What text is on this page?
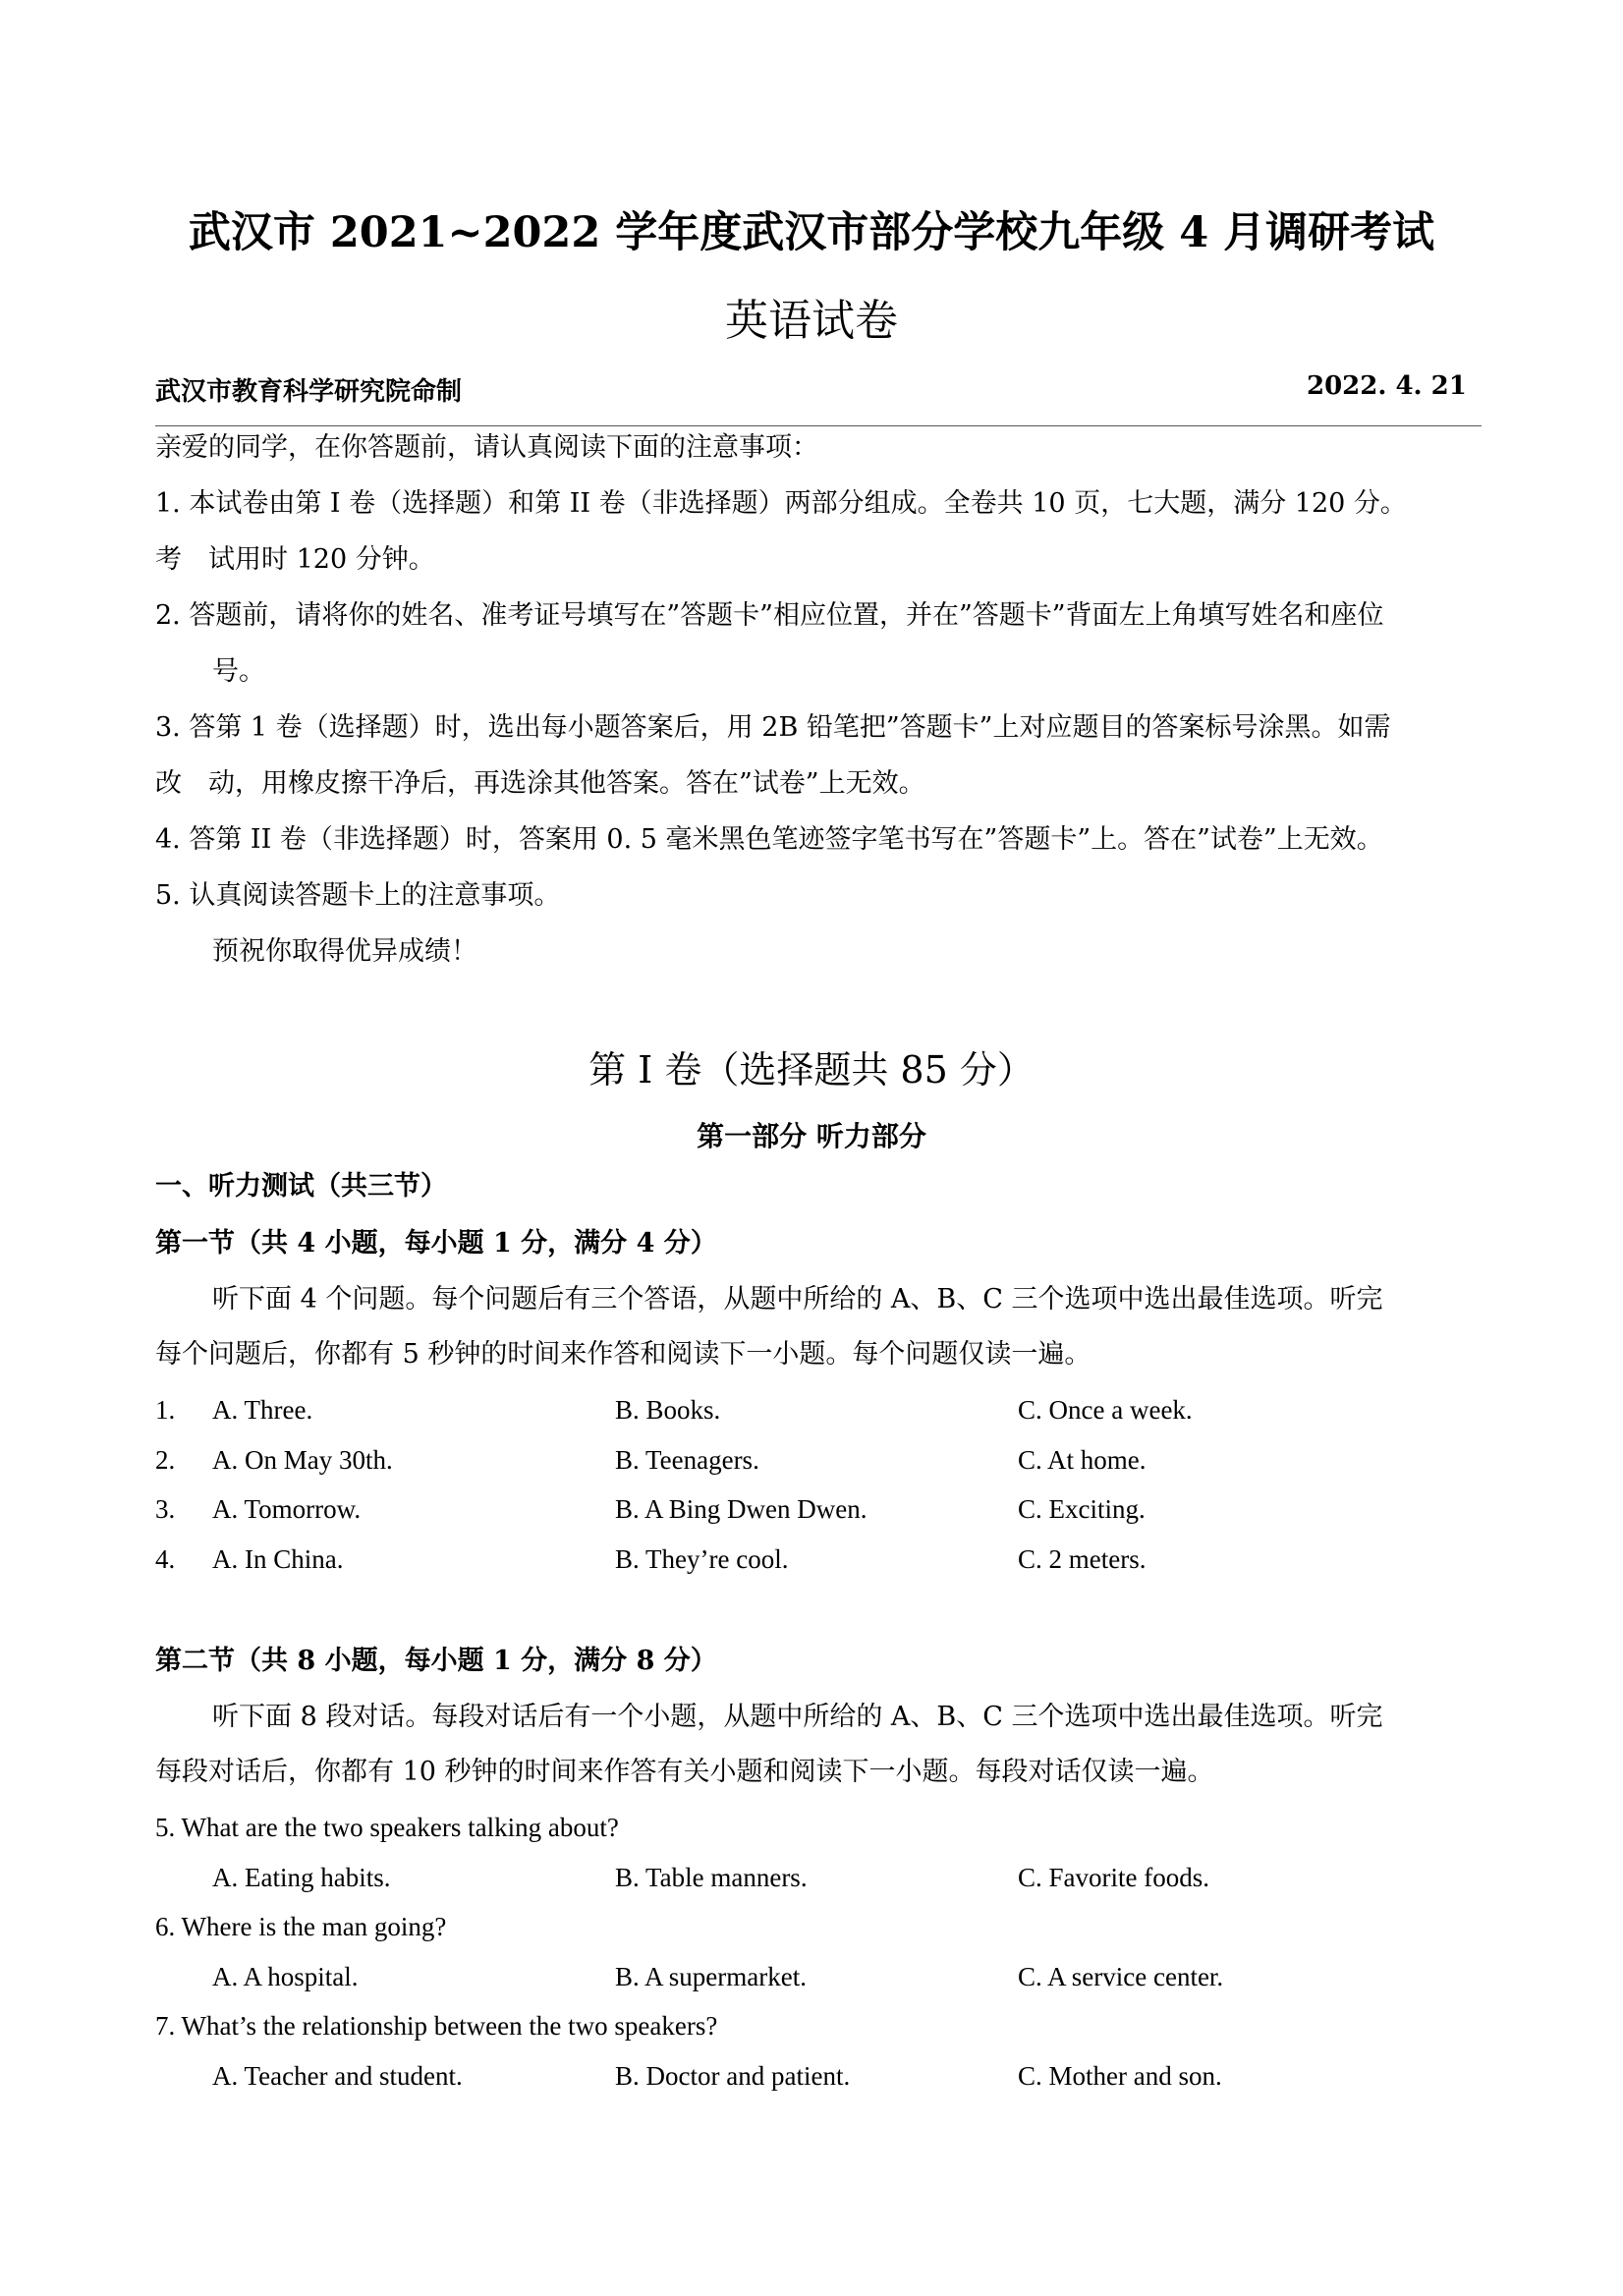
武汉市 2021~2022 学年度武汉市部分学校九年级 4 月调研考试
英语试卷
武汉市教育科学研究院命制	2022. 4. 21
亲爱的同学，在你答题前，请认真阅读下面的注意事项：
1. 本试卷由第 I 卷（选择题）和第 II 卷（非选择题）两部分组成。全卷共 10 页，七大题，满分 120 分。
考　试用时 120 分钟。
2. 答题前，请将你的姓名、准考证号填写在”答题卡”相应位置，并在”答题卡”背面左上角填写姓名和座位
号。
3. 答第 1 卷（选择题）时，选出每小题答案后，用 2B 铅笔把”答题卡”上对应题目的答案标号涂黑。如需
改　动，用橡皮擦干净后，再选涂其他答案。答在”试卷”上无效。
4. 答第 II 卷（非选择题）时，答案用 0. 5 毫米黑色笔迹签字笔书写在”答题卡”上。答在”试卷”上无效。
5. 认真阅读答题卡上的注意事项。
预祝你取得优异成绩！
第 I 卷（选择题共 85 分）
第一部分 听力部分
一、听力测试（共三节）
第一节（共 4 小题，每小题 1 分，满分 4 分）
听下面 4 个问题。每个问题后有三个答语，从题中所给的 A、B、C 三个选项中选出最佳选项。听完
每个问题后，你都有 5 秒钟的时间来作答和阅读下一小题。每个问题仅读一遍。
1. A. Three.	B. Books.	C. Once a week.
2. A. On May 30th.	B. Teenagers.	C. At home.
3. A. Tomorrow.	B. A Bing Dwen Dwen.	C. Exciting.
4. A. In China.	B. They’re cool.	C. 2 meters.
第二节（共 8 小题，每小题 1 分，满分 8 分）
听下面 8 段对话。每段对话后有一个小题，从题中所给的 A、B、C 三个选项中选出最佳选项。听完
每段对话后，你都有 10 秒钟的时间来作答有关小题和阅读下一小题。每段对话仅读一遍。
5. What are the two speakers talking about?
A. Eating habits.	B. Table manners.	C. Favorite foods.
6. Where is the man going?
A. A hospital.	B. A supermarket.	C. A service center.
7. What’s the relationship between the two speakers?
A. Teacher and student.	B. Doctor and patient.	C. Mother and son.
